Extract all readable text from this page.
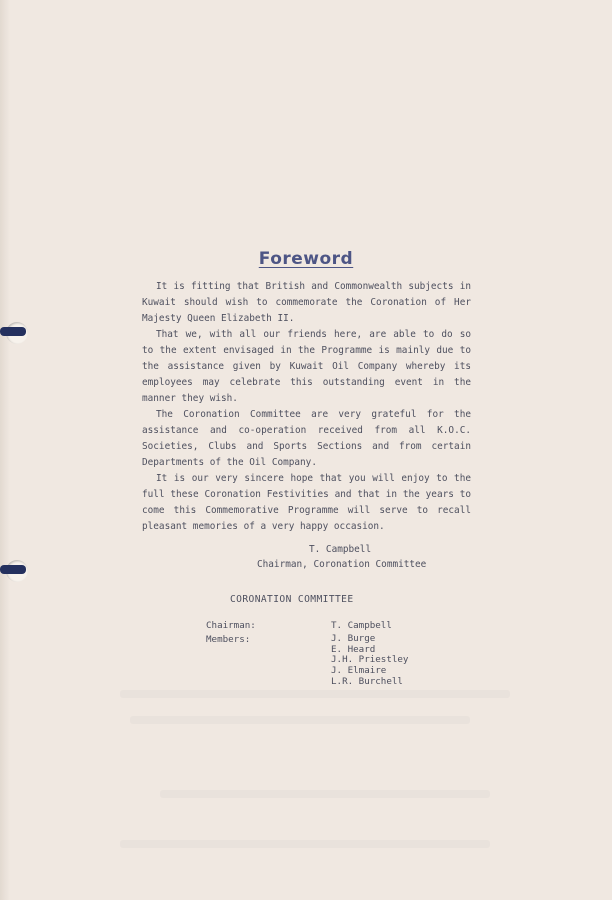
Foreword

It is fitting that British and Commonwealth subjects in Kuwait should wish to commemorate the Coronation of Her Majesty Queen Elizabeth II.

That we, with all our friends here, are able to do so to the extent envisaged in the Programme is mainly due to the assistance given by Kuwait Oil Company whereby its employees may celebrate this outstanding event in the manner they wish.

The Coronation Committee are very grateful for the assistance and co-operation received from all K.O.C. Societies, Clubs and Sports Sections and from certain Departments of the Oil Company.

It is our very sincere hope that you will enjoy to the full these Coronation Festivities and that in the years to come this Commemorative Programme will serve to recall pleasant memories of a very happy occasion.

T. Campbell
Chairman, Coronation Committee
CORONATION COMMITTEE
Chairman:	T. Campbell
Members:	J. Burge
E. Heard
J.H. Priestley
J. Elmaire
L.R. Burchell
